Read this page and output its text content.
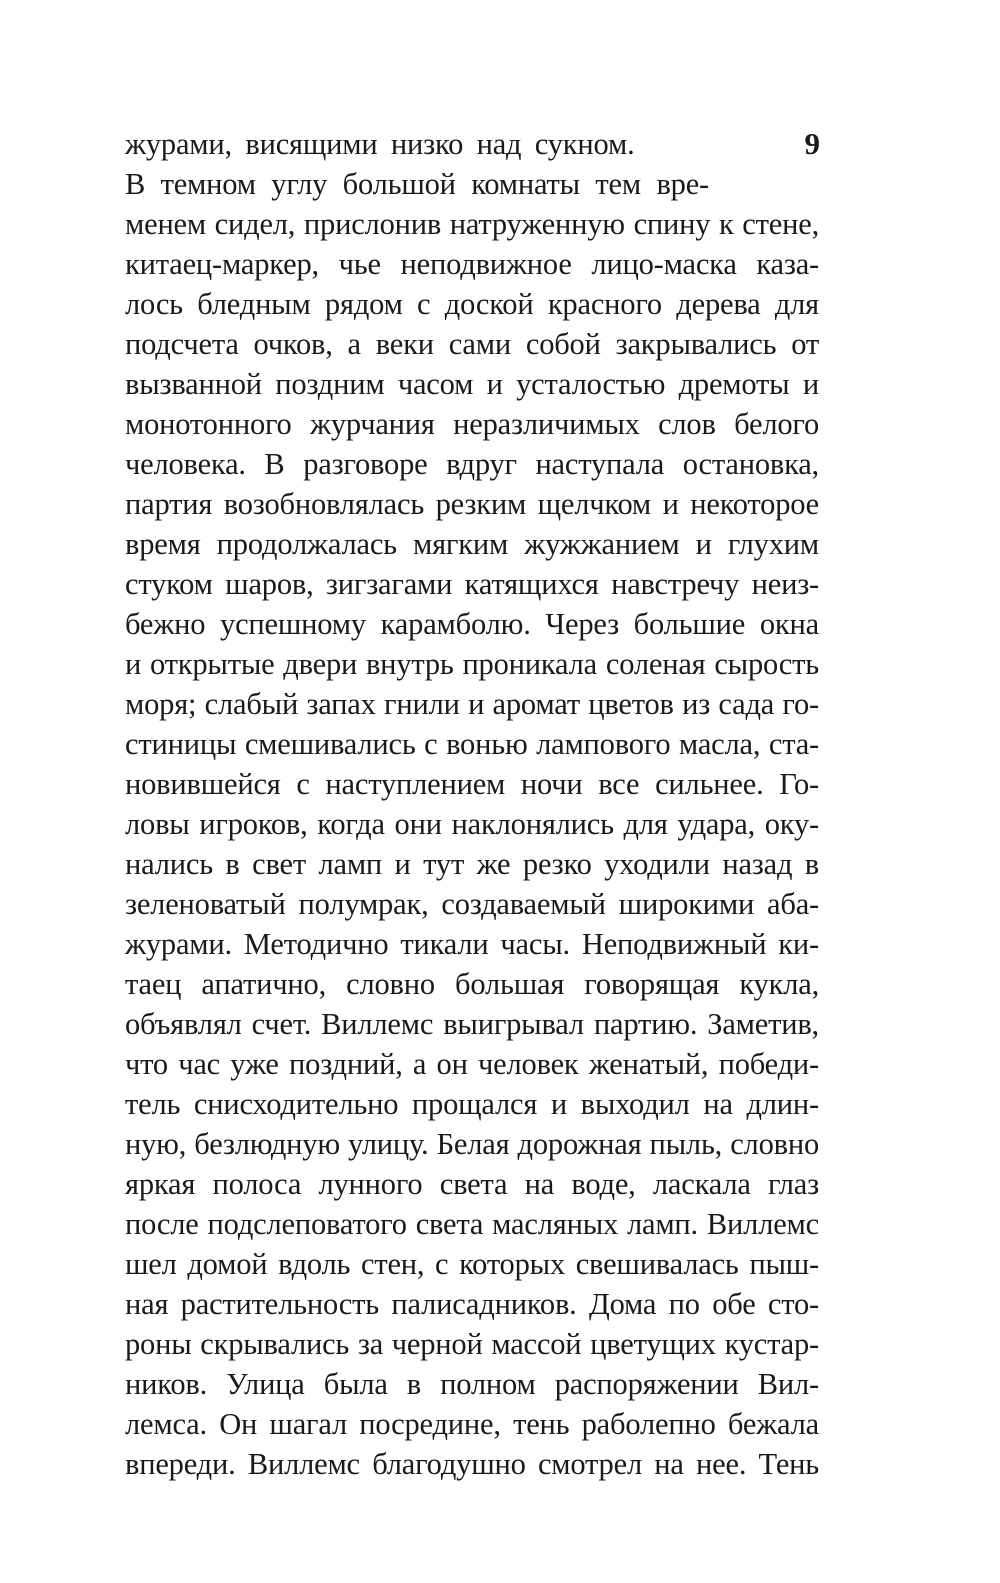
9
журами, висящими низко над сукном.
В темном углу большой комнаты тем вре-
менем сидел, прислонив натруженную спину к стене,
китаец-маркер, чье неподвижное лицо-маска каза-
лось бледным рядом с доской красного дерева для
подсчета очков, а веки сами собой закрывались от
вызванной поздним часом и усталостью дремоты и
монотонного журчания неразличимых слов белого
человека. В разговоре вдруг наступала остановка,
партия возобновлялась резким щелчком и некоторое
время продолжалась мягким жужжанием и глухим
стуком шаров, зигзагами катящихся навстречу неиз-
бежно успешному карамболю. Через большие окна
и открытые двери внутрь проникала соленая сырость
моря; слабый запах гнили и аромат цветов из сада го-
стиницы смешивались с вонью лампового масла, ста-
новившейся с наступлением ночи все сильнее. Го-
ловы игроков, когда они наклонялись для удара, оку-
нались в свет ламп и тут же резко уходили назад в
зеленоватый полумрак, создаваемый широкими аба-
журами. Методично тикали часы. Неподвижный ки-
таец апатично, словно большая говорящая кукла,
объявлял счет. Виллемс выигрывал партию. Заметив,
что час уже поздний, а он человек женатый, победи-
тель снисходительно прощался и выходил на длин-
ную, безлюдную улицу. Белая дорожная пыль, словно
яркая полоса лунного света на воде, ласкала глаз
после подслеповатого света масляных ламп. Виллемс
шел домой вдоль стен, с которых свешивалась пыш-
ная растительность палисадников. Дома по обе сто-
роны скрывались за черной массой цветущих кустар-
ников. Улица была в полном распоряжении Вил-
лемса. Он шагал посредине, тень раболепно бежала
впереди. Виллемс благодушно смотрел на нее. Тень
